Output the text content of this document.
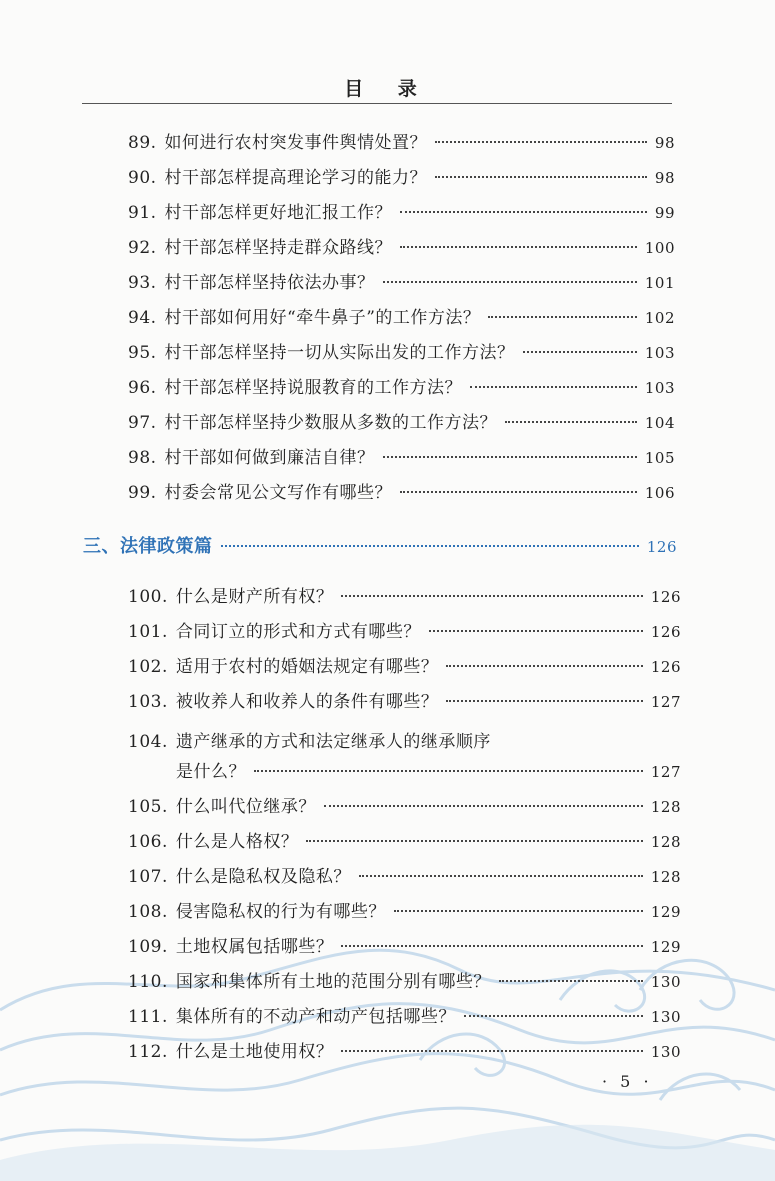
目 录
89. 如何进行农村突发事件舆情处置？	98
90. 村干部怎样提高理论学习的能力？	98
91. 村干部怎样更好地汇报工作？	99
92. 村干部怎样坚持走群众路线？	100
93. 村干部怎样坚持依法办事？	101
94. 村干部如何用好“牵牛鼻子”的工作方法？	102
95. 村干部怎样坚持一切从实际出发的工作方法？	103
96. 村干部怎样坚持说服教育的工作方法？	103
97. 村干部怎样坚持少数服从多数的工作方法？	104
98. 村干部如何做到廉洁自律？	105
99. 村委会常见公文写作有哪些？	106
三、法律政策篇	126
100. 什么是财产所有权？	126
101. 合同订立的形式和方式有哪些？	126
102. 适用于农村的婚姻法规定有哪些？	126
103. 被收养人和收养人的条件有哪些？	127
104. 遗产继承的方式和法定继承人的继承顺序
是什么？	127
105. 什么叫代位继承？	128
106. 什么是人格权？	128
107. 什么是隐私权及隐私？	128
108. 侵害隐私权的行为有哪些？	129
109. 土地权属包括哪些？	129
110. 国家和集体所有土地的范围分别有哪些？	130
111. 集体所有的不动产和动产包括哪些？	130
112. 什么是土地使用权？	130
· 5 ·
